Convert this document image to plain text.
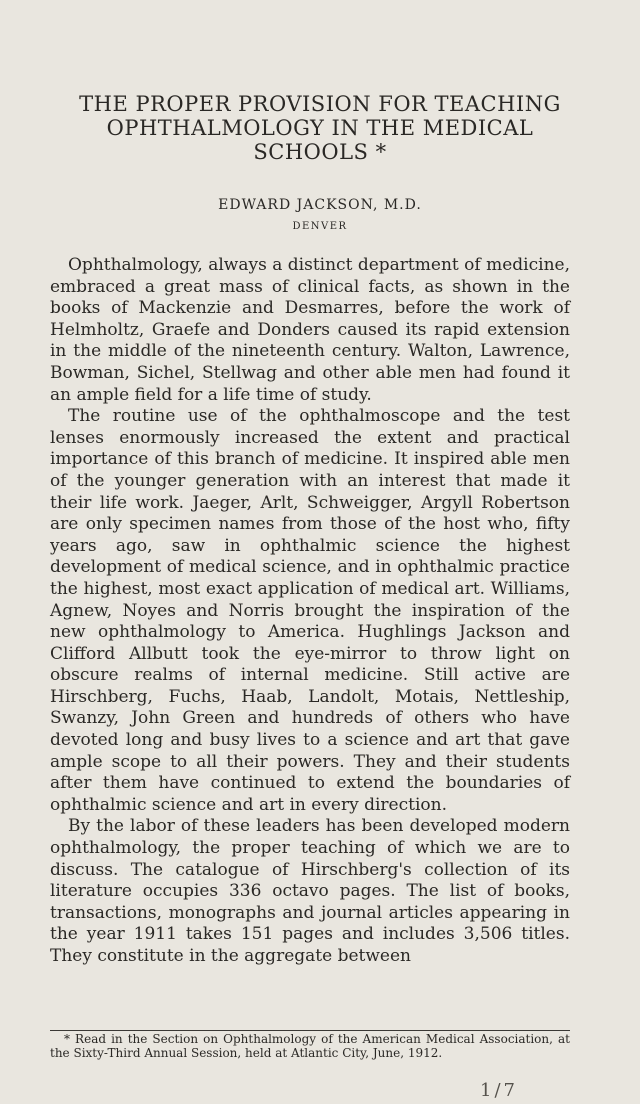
THE PROPER PROVISION FOR TEACHING
OPHTHALMOLOGY IN THE MEDICAL
SCHOOLS *
EDWARD JACKSON, M.D.
DENVER

Ophthalmology, always a distinct department of medicine, embraced a great mass of clinical facts, as shown in the books of Mackenzie and Desmarres, before the work of Helmholtz, Graefe and Donders caused its rapid extension in the middle of the nineteenth century. Walton, Lawrence, Bowman, Sichel, Stellwag and other able men had found it an ample field for a life time of study.

The routine use of the ophthalmoscope and the test lenses enormously increased the extent and practical importance of this branch of medicine. It inspired able men of the younger generation with an interest that made it their life work. Jaeger, Arlt, Schweigger, Argyll Robertson are only specimen names from those of the host who, fifty years ago, saw in ophthalmic science the highest development of medical science, and in ophthalmic practice the highest, most exact application of medical art. Williams, Agnew, Noyes and Norris brought the inspiration of the new ophthalmology to America. Hughlings Jackson and Clifford Allbutt took the eye-mirror to throw light on obscure realms of internal medicine. Still active are Hirschberg, Fuchs, Haab, Landolt, Motais, Nettleship, Swanzy, John Green and hundreds of others who have devoted long and busy lives to a science and art that gave ample scope to all their powers. They and their students after them have continued to extend the boundaries of ophthalmic science and art in every direction.

By the labor of these leaders has been developed modern ophthalmology, the proper teaching of which we are to discuss. The catalogue of Hirschberg's collection of its literature occupies 336 octavo pages. The list of books, transactions, monographs and journal articles appearing in the year 1911 takes 151 pages and includes 3,506 titles. They constitute in the aggregate between

* Read in the Section on Ophthalmology of the American Medical Association, at the Sixty-Third Annual Session, held at Atlantic City, June, 1912.
1/7
